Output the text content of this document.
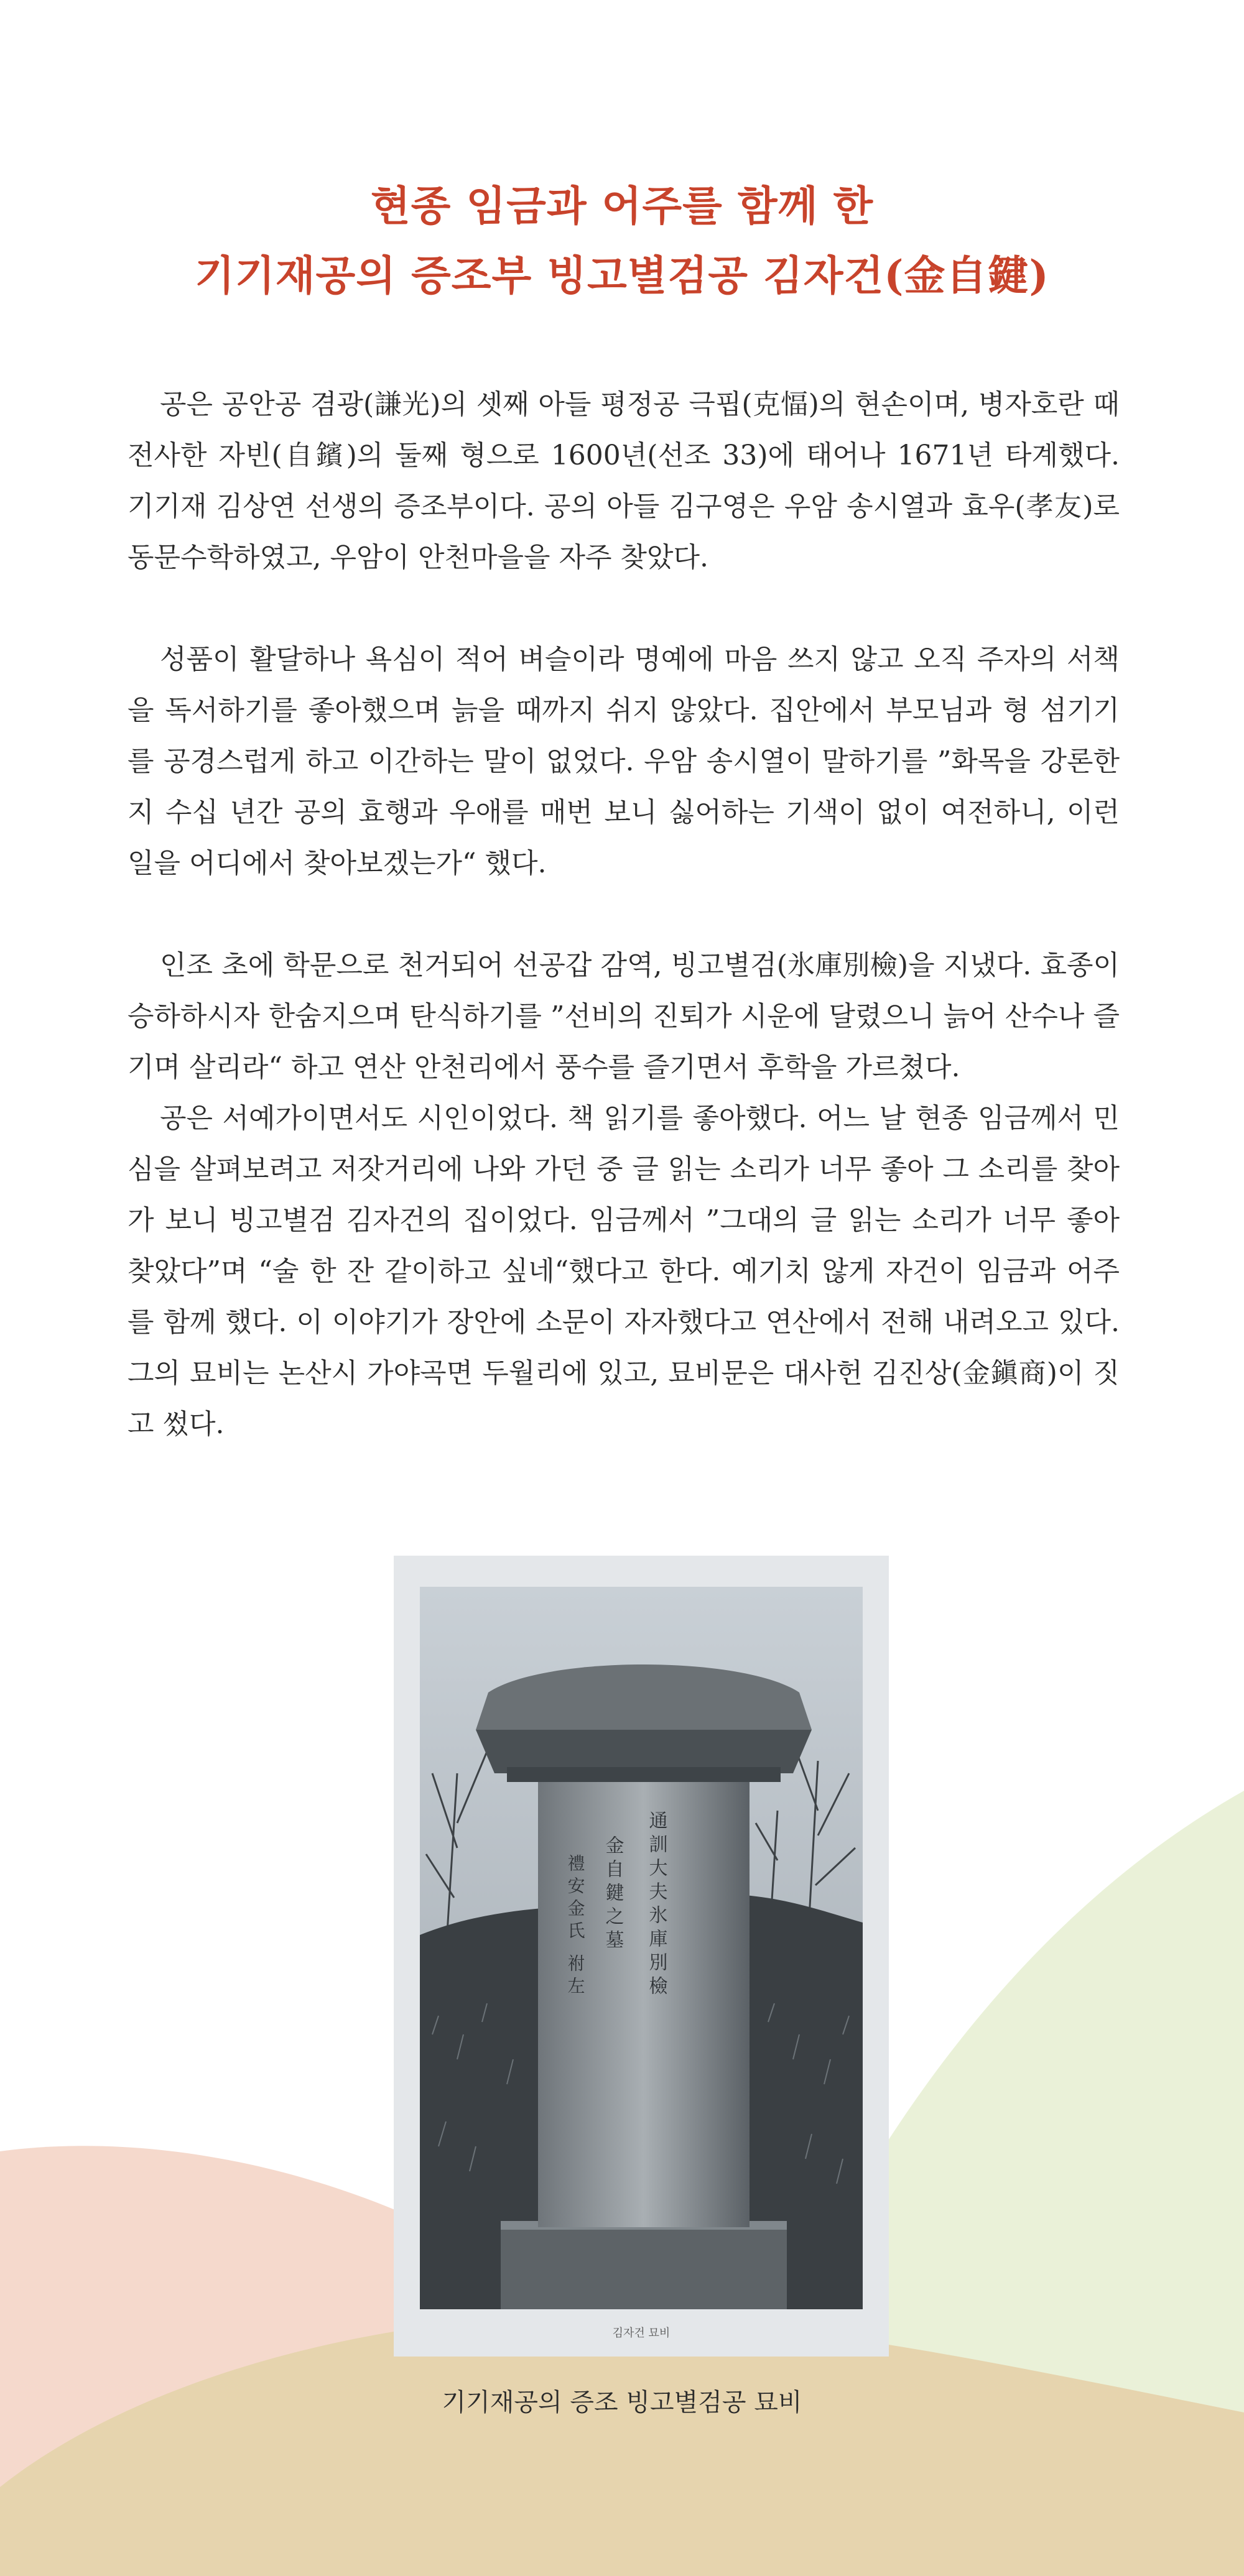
현종 임금과 어주를 함께 한
기기재공의 증조부 빙고별검공 김자건(金自鍵)

공은 공안공 겸광(謙光)의 셋째 아들 평정공 극핍(克愊)의 현손이며, 병자호란 때 전사한 자빈(自鑌)의 둘째 형으로 1600년(선조 33)에 태어나 1671년 타계했다. 기기재 김상연 선생의 증조부이다. 공의 아들 김구영은 우암 송시열과 효우(孝友)로 동문수학하였고, 우암이 안천마을을 자주 찾았다.

성품이 활달하나 욕심이 적어 벼슬이라 명예에 마음 쓰지 않고 오직 주자의 서책을 독서하기를 좋아했으며 늙을 때까지 쉬지 않았다. 집안에서 부모님과 형 섬기기를 공경스럽게 하고 이간하는 말이 없었다. 우암 송시열이 말하기를 ”화목을 강론한 지 수십 년간 공의 효행과 우애를 매번 보니 싫어하는 기색이 없이 여전하니, 이런 일을 어디에서 찾아보겠는가“ 했다.

인조 초에 학문으로 천거되어 선공갑 감역, 빙고별검(氷庫別檢)을 지냈다. 효종이 승하하시자 한숨지으며 탄식하기를 ”선비의 진퇴가 시운에 달렸으니 늙어 산수나 즐기며 살리라“ 하고 연산 안천리에서 풍수를 즐기면서 후학을 가르쳤다.

공은 서예가이면서도 시인이었다. 책 읽기를 좋아했다. 어느 날 현종 임금께서 민심을 살펴보려고 저잣거리에 나와 가던 중 글 읽는 소리가 너무 좋아 그 소리를 찾아가 보니 빙고별검 김자건의 집이었다. 임금께서 ”그대의 글 읽는 소리가 너무 좋아 찾았다”며 “술 한 잔 같이하고 싶네“했다고 한다. 예기치 않게 자건이 임금과 어주를 함께 했다. 이 이야기가 장안에 소문이 자자했다고 연산에서 전해 내려오고 있다. 그의 묘비는 논산시 가야곡면 두월리에 있고, 묘비문은 대사헌 김진상(金鎭商)이 짓고 썼다.

通訓大夫氷庫別檢
金自鍵之墓
禮安金氏 祔左
김자건 묘비
기기재공의 증조 빙고별검공 묘비
